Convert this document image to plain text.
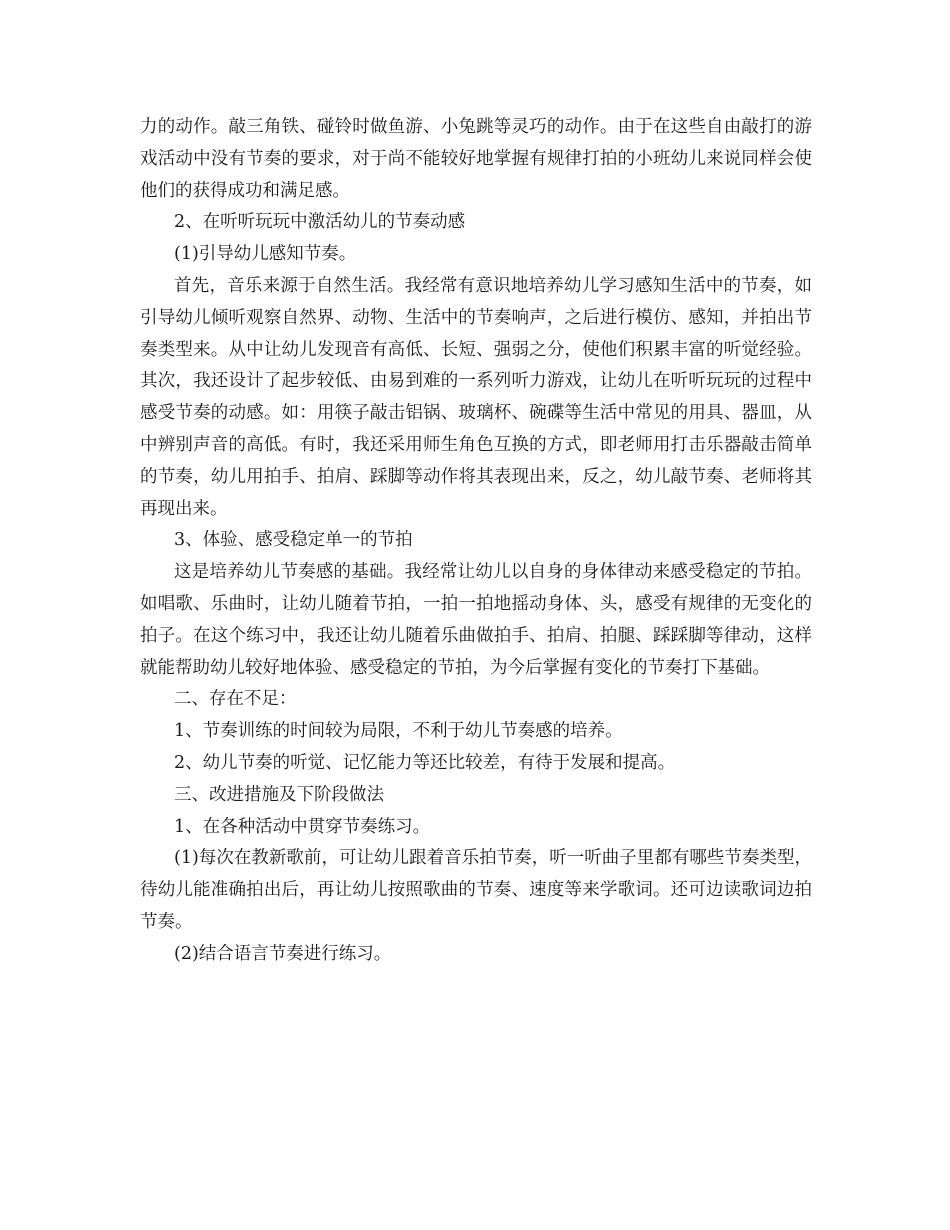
力的动作。敲三角铁、碰铃时做鱼游、小兔跳等灵巧的动作。由于在这些自由敲打的游戏活动中没有节奏的要求，对于尚不能较好地掌握有规律打拍的小班幼儿来说同样会使他们的获得成功和满足感。

2、在听听玩玩中激活幼儿的节奏动感

(1)引导幼儿感知节奏。

首先，音乐来源于自然生活。我经常有意识地培养幼儿学习感知生活中的节奏，如引导幼儿倾听观察自然界、动物、生活中的节奏响声，之后进行模仿、感知，并拍出节奏类型来。从中让幼儿发现音有高低、长短、强弱之分，使他们积累丰富的听觉经验。其次，我还设计了起步较低、由易到难的一系列听力游戏，让幼儿在听听玩玩的过程中感受节奏的动感。如：用筷子敲击铝锅、玻璃杯、碗碟等生活中常见的用具、器皿，从中辨别声音的高低。有时，我还采用师生角色互换的方式，即老师用打击乐器敲击简单的节奏，幼儿用拍手、拍肩、踩脚等动作将其表现出来，反之，幼儿敲节奏、老师将其再现出来。

3、体验、感受稳定单一的节拍

这是培养幼儿节奏感的基础。我经常让幼儿以自身的身体律动来感受稳定的节拍。如唱歌、乐曲时，让幼儿随着节拍，一拍一拍地摇动身体、头，感受有规律的无变化的拍子。在这个练习中，我还让幼儿随着乐曲做拍手、拍肩、拍腿、踩踩脚等律动，这样就能帮助幼儿较好地体验、感受稳定的节拍，为今后掌握有变化的节奏打下基础。

二、存在不足：

1、节奏训练的时间较为局限，不利于幼儿节奏感的培养。

2、幼儿节奏的听觉、记忆能力等还比较差，有待于发展和提高。

三、改进措施及下阶段做法

1、在各种活动中贯穿节奏练习。

(1)每次在教新歌前，可让幼儿跟着音乐拍节奏，听一听曲子里都有哪些节奏类型，待幼儿能准确拍出后，再让幼儿按照歌曲的节奏、速度等来学歌词。还可边读歌词边拍节奏。

(2)结合语言节奏进行练习。
